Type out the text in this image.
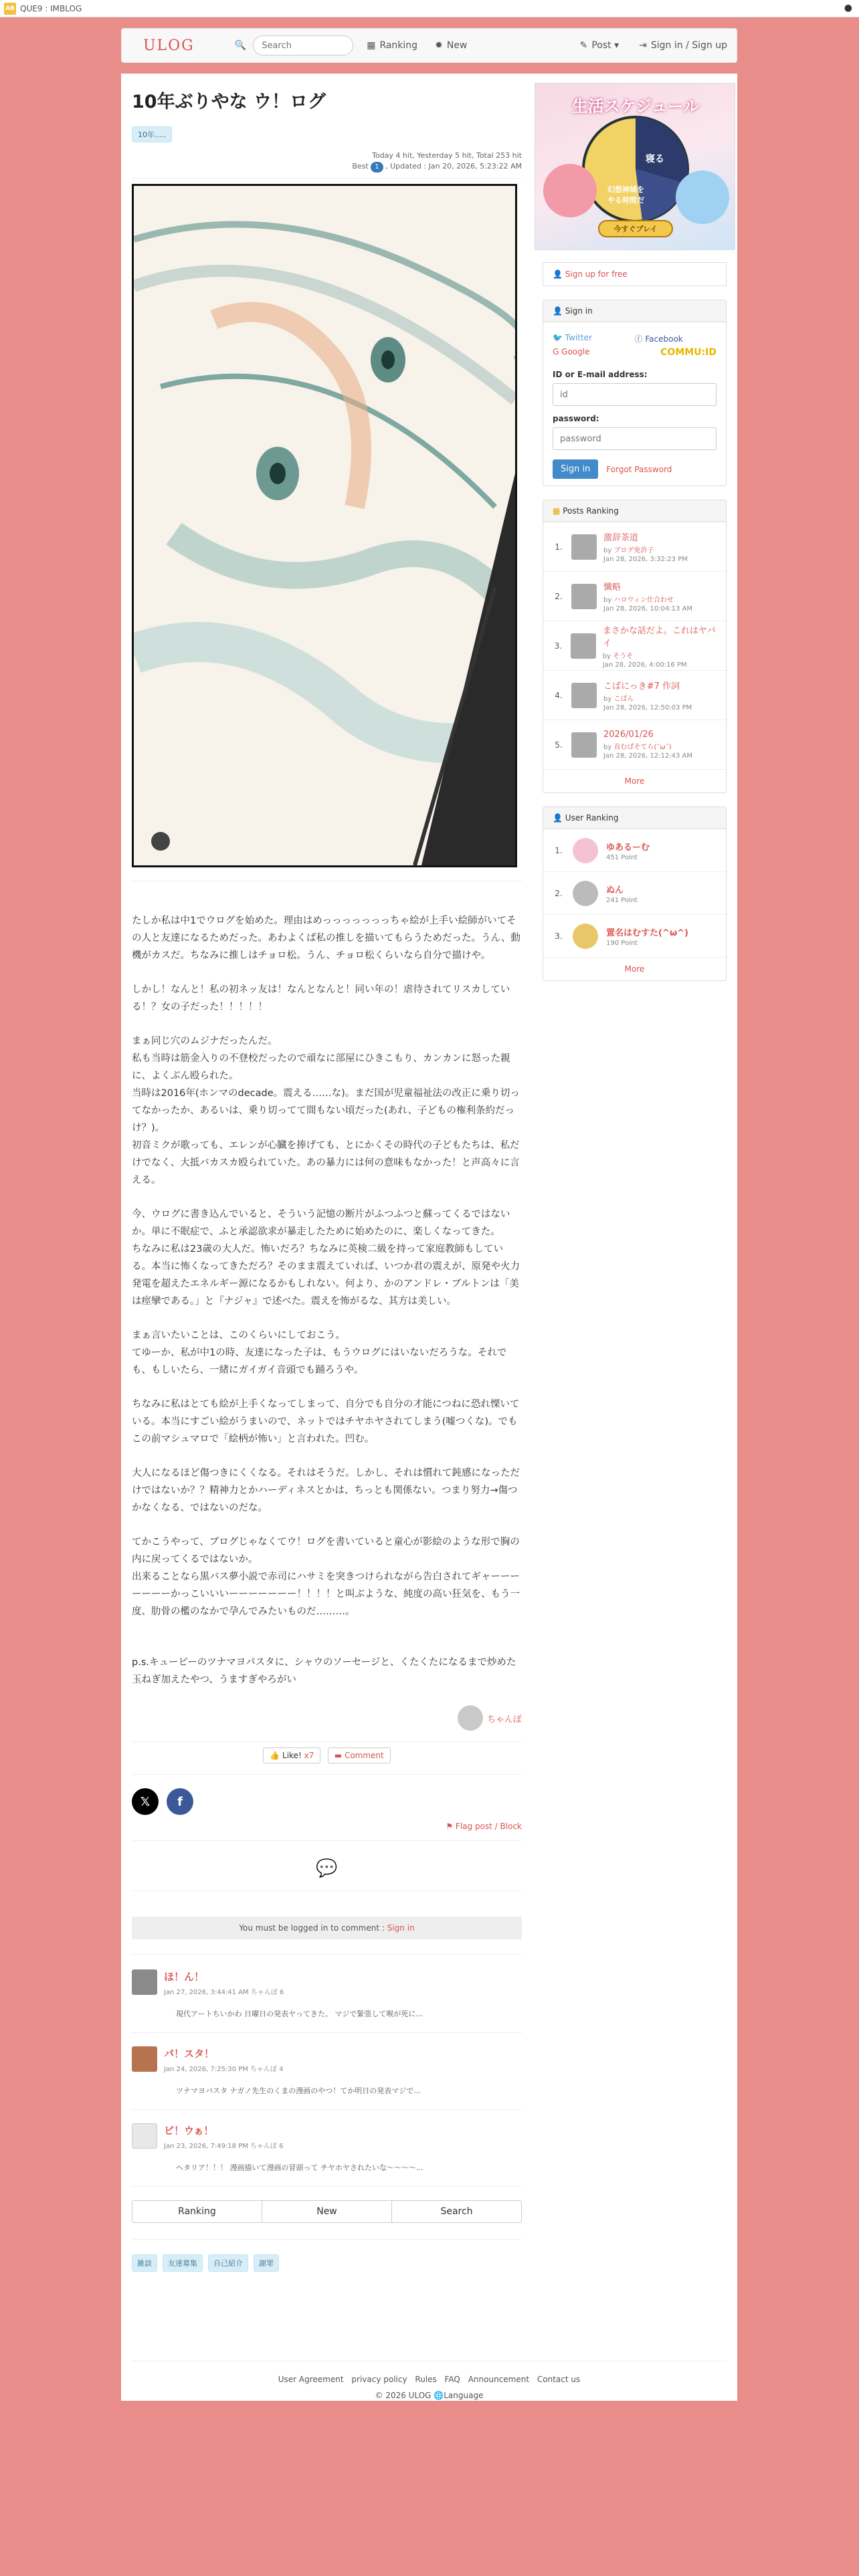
AB QUE9 : IMBLOG	●
ULOG	🔍
Search	▦ Ranking ✹ New	✎ Post ▾ ⇥ Sign in / Sign up
10年ぶりやな ウ！ログ
10年.....
Today 4 hit, Yesterday 5 hit, Total 253 hit
Best 1 , Updated : Jan 20, 2026, 5:23:22 AM

たしか私は中1でウログを始めた。理由はめっっっっっっっちゃ絵が上手い絵師がいてその人と友達になるためだった。あわよくば私の推しを描いてもらうためだった。うん、動機がカスだ。ちなみに推しはチョロ松。うん、チョロ松くらいなら自分で描けや。

しかし！なんと！私の初ネッ友は！なんとなんと！同い年の！虐待されてリスカしている！？女の子だった！！！！！

まぁ同じ穴のムジナだったんだ。
私も当時は筋金入りの不登校だったので頑なに部屋にひきこもり、カンカンに怒った親に、よくぶん殴られた。
当時は2016年(ホンマのdecade。震える……な)。まだ国が児童福祉法の改正に乗り切ってなかったか、あるいは、乗り切ってて間もない頃だった(あれ、子どもの権利条約だっけ？)。
初音ミクが歌っても、エレンが心臓を捧げても、とにかくその時代の子どもたちは、私だけでなく、大抵バカスカ殴られていた。あの暴力には何の意味もなかった！と声高々に言える。

今、ウログに書き込んでいると、そういう記憶の断片がふつふつと蘇ってくるではないか。単に不眠症で、ふと承認欲求が暴走したために始めたのに、楽しくなってきた。
ちなみに私は23歳の大人だ。怖いだろ？ちなみに英検二級を持って家庭教師もしている。本当に怖くなってきただろ？そのまま震えていれば、いつか君の震えが、原発や火力発電を超えたエネルギー源になるかもしれない。何より、かのアンドレ・ブルトンは「美は痙攣である。」と『ナジャ』で述べた。震えを怖がるな、其方は美しい。

まぁ言いたいことは、このくらいにしておこう。
てゆーか、私が中1の時、友達になった子は、もうウログにはいないだろうな。それでも、もしいたら、一緒にガイガイ音頭でも踊ろうや。

ちなみに私はとても絵が上手くなってしまって、自分でも自分の才能につねに恐れ慄いている。本当にすごい絵がうまいので、ネットではチヤホヤされてしまう(嘘つくな)。でもこの前マシュマロで「絵柄が怖い」と言われた。凹む。

大人になるほど傷つきにくくなる。それはそうだ。しかし、それは慣れて鈍感になっただけではないか？？精神力とかハーディネスとかは、ちっとも関係ない。つまり努力→傷つかなくなる、ではないのだな。

てかこうやって、ブログじゃなくてウ！ログを書いていると童心が影絵のような形で胸の内に戻ってくるではないか。
出来ることなら黒バス夢小説で赤司にハサミを突きつけられながら告白されてギャーーーーーーーかっこいいいーーーーーーー！！！！と叫ぶような、純度の高い狂気を、もう一度、肋骨の檻のなかで孕んでみたいものだ………。

p.s.キューピーのツナマヨパスタに、シャウのソーセージと、くたくたになるまで炒めた玉ねぎ加えたやつ、うますぎやろがい

ちゃんぽ
👍 Like! x7	▬ Comment
𝕏	f
⚑ Flag post / Block
💬
You must be logged in to comment : Sign in
ほ！ん！
Jan 27, 2026, 3:44:41 AM ちゃんぽ 6
現代アートちいかわ 日曜日の発表ヤってきた。 マジで緊張して喉が死に...
パ！スタ！
Jan 24, 2026, 7:25:30 PM ちゃんぽ 4
ツナマヨパスタ ナガノ先生のくまの漫画のやつ！てか明日の発表マジで...
ピ！ウぁ！
Jan 23, 2026, 7:49:18 PM ちゃんぽ 6
ヘタリア！！！ 漫画描いて漫画の冒頭って チヤホヤされたいな〜〜〜〜...
Ranking	New	Search
雑談	友達募集	自己紹介	謝罪
生活スケジュール
寝る
幻想神域を
やる時間だ
今すぐプレイ
👤 Sign up for free
👤 Sign in
🐦 Twitter	ⓕ Facebook
G Google	COMMU:ID
ID or E-mail address:
id
password:
Sign in	Forgot Password
▦ Posts Ranking
1.
激辞茶道
by ブログ免許子
Jan 28, 2026, 3:32:23 PM
2.
懺略
by ハロウィン仕合わせ
Jan 28, 2026, 10:04:13 AM
3.
まさかな話だよ。これはヤバイ
by そうそ
Jan 28, 2026, 4:00:16 PM
4.
こばにっき#7 作詞
by こばん
Jan 28, 2026, 12:50:03 PM
5.
2026/01/26
by 直むぱそてら(ˆωˆ)
Jan 28, 2026, 12:12:43 AM
More
👤 User Ranking
1.	ゆあるーむ
451 Point
2.	ぬん
241 Point
3.	置名はむすた(^ω^)
190 Point
More
User Agreement privacy policy Rules FAQ Announcement Contact us
© 2026 ULOG 🌐Language
